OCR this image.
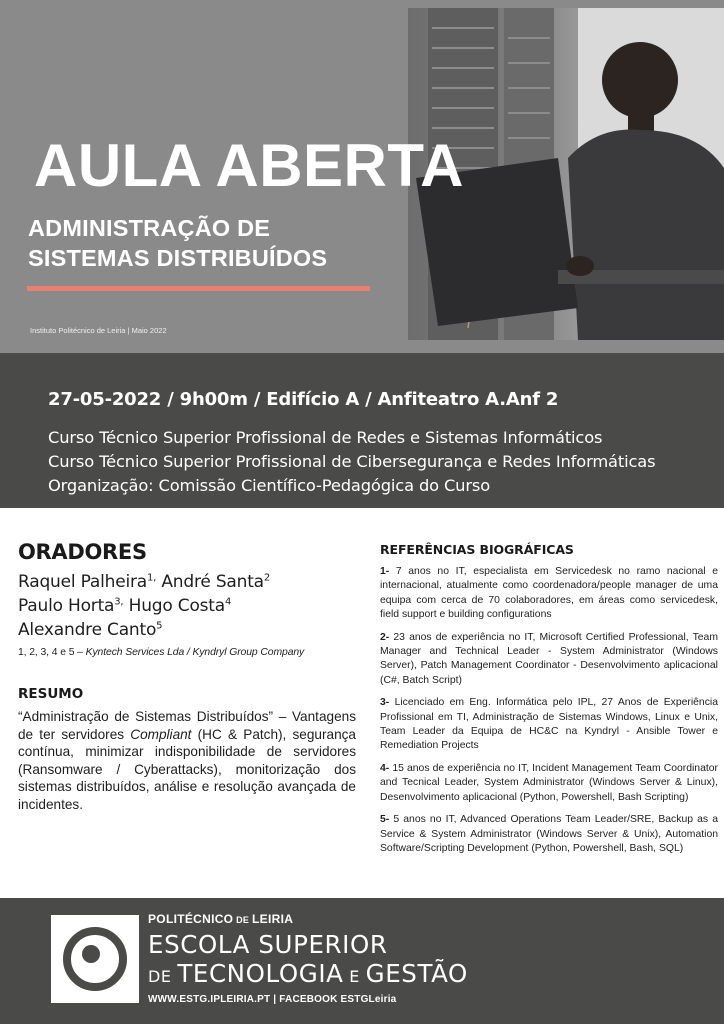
AULA ABERTA
ADMINISTRAÇÃO DE
SISTEMAS DISTRIBUÍDOS
Instituto Politécnico de Leiria | Maio 2022
27-05-2022 / 9h00m / Edifício A / Anfiteatro A.Anf 2
Curso Técnico Superior Profissional de Redes e Sistemas Informáticos
Curso Técnico Superior Profissional de Cibersegurança e Redes Informáticas
Organização: Comissão Científico-Pedagógica do Curso
ORADORES
Raquel Palheira$^{1,}$ André Santa$^2$
Paulo Horta$^{3,}$ Hugo Costa$^4$
Alexandre Canto$^5$
1, 2, 3, 4 e 5 – Kyntech Services Lda / Kyndryl Group Company
RESUMO

“Administração de Sistemas Distribuídos” – Vantagens de ter servidores Compliant (HC & Patch), segurança contínua, minimizar indisponibilidade de servidores (Ransomware / Cyberattacks), monitorização dos sistemas distribuídos, análise e resolução avançada de incidentes.

REFERÊNCIAS BIOGRÁFICAS
1- 7 anos no IT, especialista em Servicedesk no ramo nacional e internacional, atualmente como coordenadora/people manager de uma equipa com cerca de 70 colaboradores, em áreas como servicedesk, field support e building configurations
2- 23 anos de experiência no IT, Microsoft Certified Professional, Team Manager and Technical Leader - System Administrator (Windows Server), Patch Management Coordinator - Desenvolvimento aplicacional (C#, Batch Script)
3- Licenciado em Eng. Informática pelo IPL, 27 Anos de Experiência Profissional em TI, Administração de Sistemas Windows, Linux e Unix, Team Leader da Equipa de HC&C na Kyndryl - Ansible Tower e Remediation Projects
4- 15 anos de experiência no IT, Incident Management Team Coordinator and Tecnical Leader, System Administrator (Windows Server & Linux), Desenvolvimento aplicacional (Python, Powershell, Bash Scripting)
5- 5 anos no IT, Advanced Operations Team Leader/SRE, Backup as a Service & System Administrator (Windows Server & Unix), Automation Software/Scripting Development (Python, Powershell, Bash, SQL)
POLITÉCNICO DE LEIRIA
ESCOLA SUPERIOR
DE TECNOLOGIA E GESTÃO
WWW.ESTG.IPLEIRIA.PT | FACEBOOK ESTGLeiria
